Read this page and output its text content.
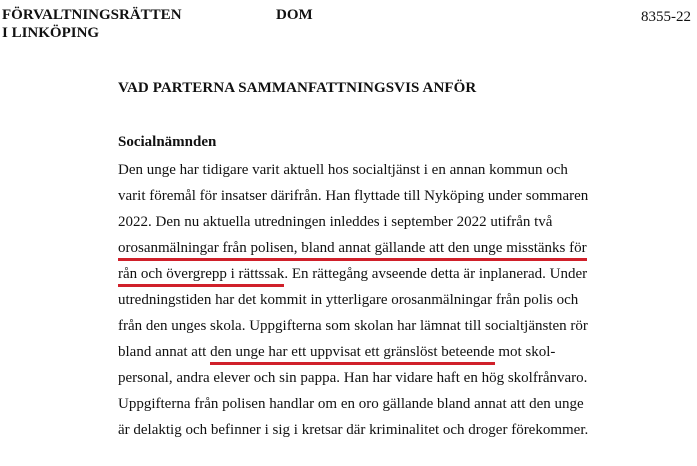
FÖRVALTNINGSRÄTTEN
I LINKÖPING
DOM	8355-22
VAD PARTERNA SAMMANFATTNINGSVIS ANFÖR
Socialnämnden
Den unge har tidigare varit aktuell hos socialtjänst i en annan kommun och
varit föremål för insatser därifrån. Han flyttade till Nyköping under sommaren
2022. Den nu aktuella utredningen inleddes i september 2022 utifrån två
orosanmälningar från polisen, bland annat gällande att den unge misstänks för
rån och övergrepp i rättssak. En rättegång avseende detta är inplanerad. Under
utredningstiden har det kommit in ytterligare orosanmälningar från polis och
från den unges skola. Uppgifterna som skolan har lämnat till socialtjänsten rör
bland annat att den unge har ett uppvisat ett gränslöst beteende mot skol-
personal, andra elever och sin pappa. Han har vidare haft en hög skolfrånvaro.
Uppgifterna från polisen handlar om en oro gällande bland annat att den unge
är delaktig och befinner i sig i kretsar där kriminalitet och droger förekommer.
